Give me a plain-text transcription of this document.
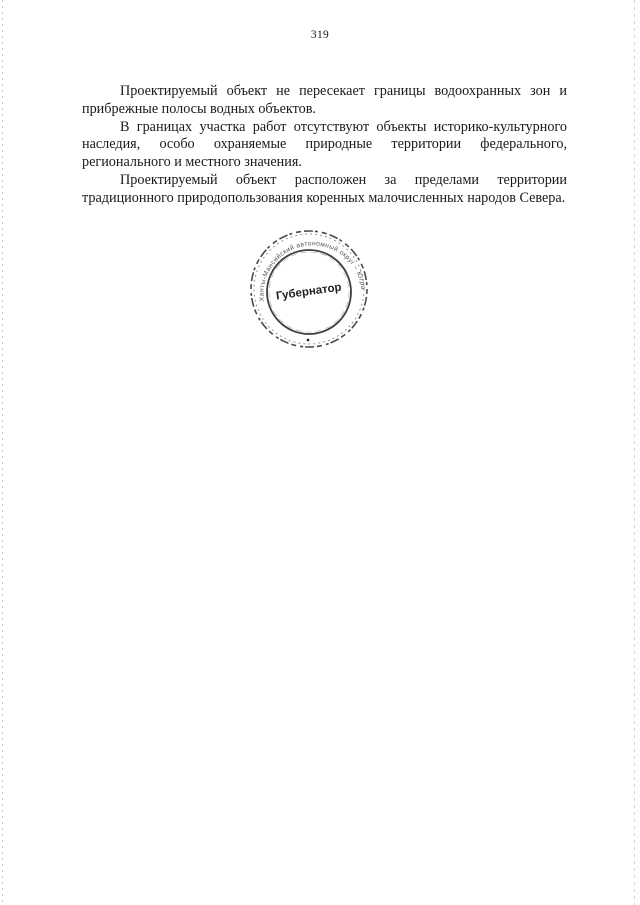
319

Проектируемый объект не пересекает границы водоохранных зон и прибрежные полосы водных объектов.

В границах участка работ отсутствуют объекты историко-культурного наследия, особо охраняемые природные территории федерального, регионального и местного значения.

Проектируемый объект расположен за пределами территории традиционного природопользования коренных малочисленных народов Севера.

Ханты-Мансийский автономный округ – Югра
Губернатор
